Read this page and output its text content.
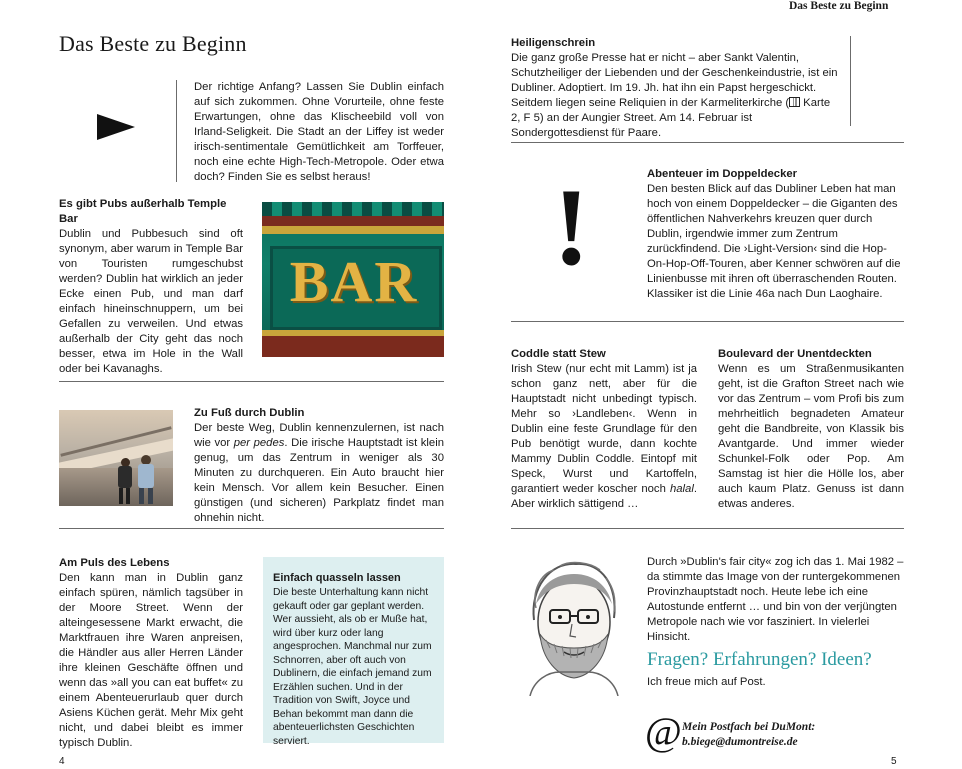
Das Beste zu Beginn
Das Beste zu Beginn
Der richtige Anfang? Lassen Sie Dublin einfach auf sich zukommen. Ohne Vorurteile, ohne feste Erwartungen, ohne das Klischeebild voll von Irland-Seligkeit. Die Stadt an der Liffey ist weder irisch-sentimentale Gemütlichkeit am Torffeuer, noch eine echte High-Tech-Metropole. Oder etwa doch? Finden Sie es selbst heraus!
Es gibt Pubs außerhalb Temple Bar

Dublin und Pubbesuch sind oft synonym, aber warum in Temple Bar von Touristen rumgeschubst werden? Dublin hat wirklich an jeder Ecke einen Pub, und man darf einfach hineinschnuppern, um bei Gefallen zu verweilen. Und etwas außerhalb der City geht das noch besser, etwa im Hole in the Wall oder bei Kavanaghs.

BAR
Zu Fuß durch Dublin

Der beste Weg, Dublin kennenzulernen, ist nach wie vor per pedes. Die irische Hauptstadt ist klein genug, um das Zentrum in weniger als 30 Minuten zu durchqueren. Ein Auto braucht hier kein Mensch. Vor allem kein Besucher. Einen günstigen (und sicheren) Parkplatz findet man ohnehin nicht.

Am Puls des Lebens

Den kann man in Dublin ganz einfach spüren, nämlich tagsüber in der Moore Street. Wenn der alteingesessene Markt erwacht, die Marktfrauen ihre Waren anpreisen, die Händler aus aller Herren Länder ihre kleinen Geschäfte öffnen und wenn das »all you can eat buffet« zu einem Abenteuerurlaub quer durch Asiens Küchen gerät. Mehr Mix geht nicht, und dabei bleibt es immer typisch Dublin.

Einfach quasseln lassen

Die beste Unterhaltung kann nicht gekauft oder gar geplant werden. Wer aussieht, als ob er Muße hat, wird über kurz oder lang angesprochen. Manchmal nur zum Schnorren, aber oft auch von Dublinern, die einfach jemand zum Erzählen suchen. Und in der Tradition von Swift, Joyce und Behan bekommt man dann die abenteuerlichsten Geschichten serviert.

4
Heiligenschrein

Die ganz große Presse hat er nicht – aber Sankt Valentin, Schutzheiliger der Liebenden und der Geschenkeindustrie, ist ein Dubliner. Adoptiert. Im 19. Jh. hat ihn ein Papst hergeschickt. Seitdem liegen seine Reliquien in der Karmeliterkirche ( Karte 2, F 5) an der Aungier Street. Am 14. Februar ist Sondergottesdienst für Paare.

!	Abenteuer im Doppeldecker

Den besten Blick auf das Dubliner Leben hat man hoch von einem Doppeldecker – die Giganten des öffentlichen Nahverkehrs kreuzen quer durch Dublin, irgendwie immer zum Zentrum zurückfindend. Die ›Light-Version‹ sind die Hop-On-Hop-Off-Touren, aber Kenner schwören auf die Linienbusse mit ihren oft überraschenden Routen. Klassiker ist die Linie 46a nach Dun Laoghaire.

Coddle statt Stew

Irish Stew (nur echt mit Lamm) ist ja schon ganz nett, aber für die Hauptstadt nicht unbedingt typisch. Mehr so ›Landleben‹. Wenn in Dublin eine feste Grundlage für den Pub benötigt wurde, dann kochte Mammy Dublin Coddle. Eintopf mit Speck, Wurst und Kartoffeln, garantiert weder koscher noch halal. Aber wirklich sättigend …

Boulevard der Unentdeckten

Wenn es um Straßenmusikanten geht, ist die Grafton Street nach wie vor das Zentrum – vom Profi bis zum mehrheitlich begnadeten Amateur geht die Bandbreite, von Klassik bis Avantgarde. Und immer wieder Schunkel-Folk oder Pop. Am Samstag ist hier die Hölle los, aber auch kaum Platz. Genuss ist dann etwas anderes.

Durch »Dublin's fair city« zog ich das 1. Mai 1982 – da stimmte das Image von der runtergekommenen Provinzhauptstadt noch. Heute lebe ich eine Autostunde entfernt … und bin von der verjüngten Metropole nach wie vor fasziniert. In vielerlei Hinsicht.

Fragen? Erfahrungen? Ideen?
Ich freue mich auf Post.
@ Mein Postfach bei DuMont:
b.biege@dumontreise.de
5
